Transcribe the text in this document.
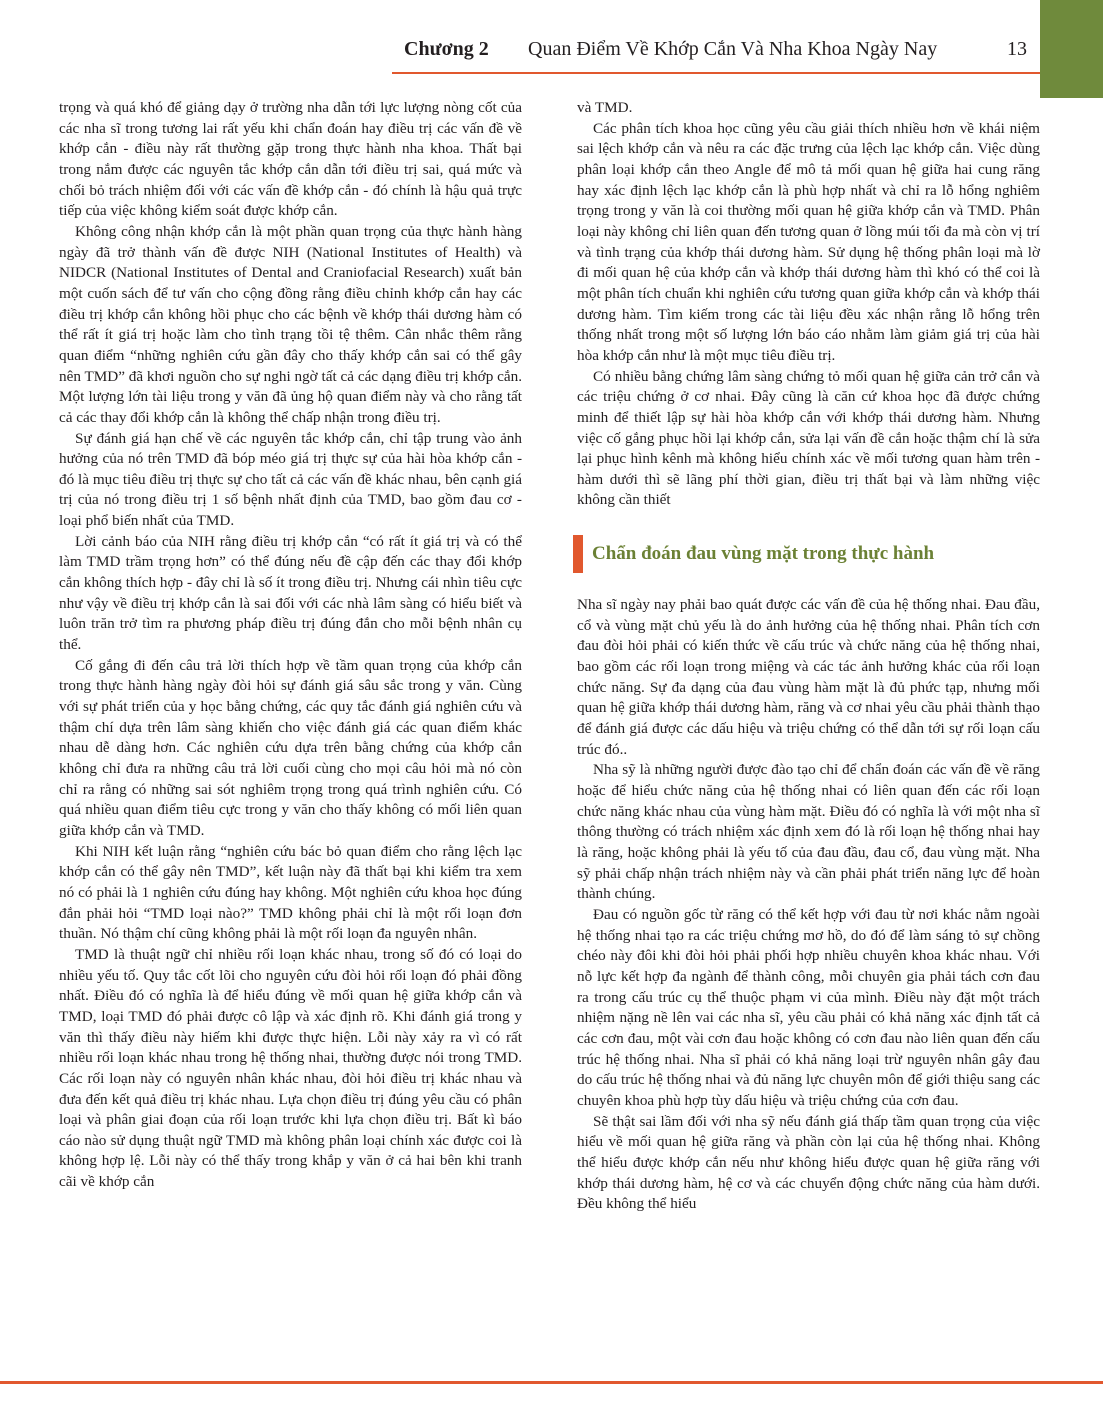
Chương 2 Quan Điểm Về Khớp Cắn Và Nha Khoa Ngày Nay	13

trọng và quá khó để giảng dạy ở trường nha dẫn tới lực lượng nòng cốt của các nha sĩ trong tương lai rất yếu khi chẩn đoán hay điều trị các vấn đề về khớp cắn - điều này rất thường gặp trong thực hành nha khoa. Thất bại trong nắm được các nguyên tắc khớp cắn dẫn tới điều trị sai, quá mức và chối bỏ trách nhiệm đối với các vấn đề khớp cắn - đó chính là hậu quả trực tiếp của việc không kiểm soát được khớp cắn.

Không công nhận khớp cắn là một phần quan trọng của thực hành hàng ngày đã trở thành vấn đề được NIH (National Institutes of Health) và NIDCR (National Institutes of Dental and Craniofacial Research) xuất bản một cuốn sách để tư vấn cho cộng đồng rằng điều chỉnh khớp cắn hay các điều trị khớp cắn không hồi phục cho các bệnh về khớp thái dương hàm có thể rất ít giá trị hoặc làm cho tình trạng tồi tệ thêm. Cân nhắc thêm rằng quan điểm “những nghiên cứu gần đây cho thấy khớp cắn sai có thể gây nên TMD” đã khơi nguồn cho sự nghi ngờ tất cả các dạng điều trị khớp cắn. Một lượng lớn tài liệu trong y văn đã ủng hộ quan điểm này và cho rằng tất cả các thay đổi khớp cắn là không thể chấp nhận trong điều trị.

Sự đánh giá hạn chế về các nguyên tắc khớp cắn, chỉ tập trung vào ảnh hưởng của nó trên TMD đã bóp méo giá trị thực sự của hài hòa khớp cắn - đó là mục tiêu điều trị thực sự cho tất cả các vấn đề khác nhau, bên cạnh giá trị của nó trong điều trị 1 số bệnh nhất định của TMD, bao gồm đau cơ - loại phổ biến nhất của TMD.

Lời cảnh báo của NIH rằng điều trị khớp cắn “có rất ít giá trị và có thể làm TMD trầm trọng hơn” có thể đúng nếu đề cập đến các thay đổi khớp cắn không thích hợp - đây chỉ là số ít trong điều trị. Nhưng cái nhìn tiêu cực như vậy về điều trị khớp cắn là sai đối với các nhà lâm sàng có hiểu biết và luôn trăn trở tìm ra phương pháp điều trị đúng đắn cho mỗi bệnh nhân cụ thể.

Cố gắng đi đến câu trả lời thích hợp về tầm quan trọng của khớp cắn trong thực hành hàng ngày đòi hỏi sự đánh giá sâu sắc trong y văn. Cùng với sự phát triển của y học bằng chứng, các quy tắc đánh giá nghiên cứu và thậm chí dựa trên lâm sàng khiến cho việc đánh giá các quan điểm khác nhau dễ dàng hơn. Các nghiên cứu dựa trên bằng chứng của khớp cắn không chỉ đưa ra những câu trả lời cuối cùng cho mọi câu hỏi mà nó còn chỉ ra rằng có những sai sót nghiêm trọng trong quá trình nghiên cứu. Có quá nhiều quan điểm tiêu cực trong y văn cho thấy không có mối liên quan giữa khớp cắn và TMD.

Khi NIH kết luận rằng “nghiên cứu bác bỏ quan điểm cho rằng lệch lạc khớp cắn có thể gây nên TMD”, kết luận này đã thất bại khi kiểm tra xem nó có phải là 1 nghiên cứu đúng hay không. Một nghiên cứu khoa học đúng đắn phải hỏi “TMD loại nào?” TMD không phải chỉ là một rối loạn đơn thuần. Nó thậm chí cũng không phải là một rối loạn đa nguyên nhân.

TMD là thuật ngữ chỉ nhiều rối loạn khác nhau, trong số đó có loại do nhiều yếu tố. Quy tắc cốt lõi cho nguyên cứu đòi hỏi rối loạn đó phải đồng nhất. Điều đó có nghĩa là để hiểu đúng về mối quan hệ giữa khớp cắn và TMD, loại TMD đó phải được cô lập và xác định rõ. Khi đánh giá trong y văn thì thấy điều này hiếm khi được thực hiện. Lỗi này xảy ra vì có rất nhiều rối loạn khác nhau trong hệ thống nhai, thường được nói trong TMD. Các rối loạn này có nguyên nhân khác nhau, đòi hỏi điều trị khác nhau và đưa đến kết quả điều trị khác nhau. Lựa chọn điều trị đúng yêu cầu có phân loại và phân giai đoạn của rối loạn trước khi lựa chọn điều trị. Bất kì báo cáo nào sử dụng thuật ngữ TMD mà không phân loại chính xác được coi là không hợp lệ. Lỗi này có thể thấy trong khắp y văn ở cả hai bên khi tranh cãi về khớp cắn

và TMD.

Các phân tích khoa học cũng yêu cầu giải thích nhiều hơn về khái niệm sai lệch khớp cắn và nêu ra các đặc trưng của lệch lạc khớp cắn. Việc dùng phân loại khớp cắn theo Angle để mô tả mối quan hệ giữa hai cung răng hay xác định lệch lạc khớp cắn là phù hợp nhất và chỉ ra lỗ hổng nghiêm trọng trong y văn là coi thường mối quan hệ giữa khớp cắn và TMD. Phân loại này không chỉ liên quan đến tương quan ở lồng múi tối đa mà còn vị trí và tình trạng của khớp thái dương hàm. Sử dụng hệ thống phân loại mà lờ đi mối quan hệ của khớp cắn và khớp thái dương hàm thì khó có thể coi là một phân tích chuẩn khi nghiên cứu tương quan giữa khớp cắn và khớp thái dương hàm. Tìm kiếm trong các tài liệu đều xác nhận rằng lỗ hổng trên thống nhất trong một số lượng lớn báo cáo nhằm làm giảm giá trị của hài hòa khớp cắn như là một mục tiêu điều trị.

Có nhiều bằng chứng lâm sàng chứng tỏ mối quan hệ giữa cản trở cắn và các triệu chứng ở cơ nhai. Đây cũng là căn cứ khoa học đã được chứng minh để thiết lập sự hài hòa khớp cắn với khớp thái dương hàm. Nhưng việc cố gắng phục hồi lại khớp cắn, sửa lại vấn đề cắn hoặc thậm chí là sửa lại phục hình kênh mà không hiểu chính xác về mối tương quan hàm trên - hàm dưới thì sẽ lãng phí thời gian, điều trị thất bại và làm những việc không cần thiết

Chẩn đoán đau vùng mặt trong thực hành

Nha sĩ ngày nay phải bao quát được các vấn đề của hệ thống nhai. Đau đầu, cổ và vùng mặt chủ yếu là do ảnh hưởng của hệ thống nhai. Phân tích cơn đau đòi hỏi phải có kiến thức về cấu trúc và chức năng của hệ thống nhai, bao gồm các rối loạn trong miệng và các tác ảnh hưởng khác của rối loạn chức năng. Sự đa dạng của đau vùng hàm mặt là đủ phức tạp, nhưng mối quan hệ giữa khớp thái dương hàm, răng và cơ nhai yêu cầu phải thành thạo để đánh giá được các dấu hiệu và triệu chứng có thể dẫn tới sự rối loạn cấu trúc đó..

Nha sỹ là những người được đào tạo chỉ để chẩn đoán các vấn đề về răng hoặc để hiểu chức năng của hệ thống nhai có liên quan đến các rối loạn chức năng khác nhau của vùng hàm mặt. Điều đó có nghĩa là với một nha sĩ thông thường có trách nhiệm xác định xem đó là rối loạn hệ thống nhai hay là răng, hoặc không phải là yếu tố của đau đầu, đau cổ, đau vùng mặt. Nha sỹ phải chấp nhận trách nhiệm này và cần phải phát triển năng lực để hoàn thành chúng.

Đau có nguồn gốc từ răng có thể kết hợp với đau từ nơi khác nằm ngoài hệ thống nhai tạo ra các triệu chứng mơ hồ, do đó để làm sáng tỏ sự chồng chéo này đôi khi đòi hỏi phải phối hợp nhiều chuyên khoa khác nhau. Với nỗ lực kết hợp đa ngành để thành công, mỗi chuyên gia phải tách cơn đau ra trong cấu trúc cụ thể thuộc phạm vi của mình. Điều này đặt một trách nhiệm nặng nề lên vai các nha sĩ, yêu cầu phải có khả năng xác định tất cả các cơn đau, một vài cơn đau hoặc không có cơn đau nào liên quan đến cấu trúc hệ thống nhai. Nha sĩ phải có khả năng loại trừ nguyên nhân gây đau do cấu trúc hệ thống nhai và đủ năng lực chuyên môn để giới thiệu sang các chuyên khoa phù hợp tùy dấu hiệu và triệu chứng của cơn đau.

Sẽ thật sai lầm đối với nha sỹ nếu đánh giá thấp tầm quan trọng của việc hiểu về mối quan hệ giữa răng và phần còn lại của hệ thống nhai. Không thể hiểu được khớp cắn nếu như không hiểu được quan hệ giữa răng với khớp thái dương hàm, hệ cơ và các chuyển động chức năng của hàm dưới. Đều không thể hiểu
